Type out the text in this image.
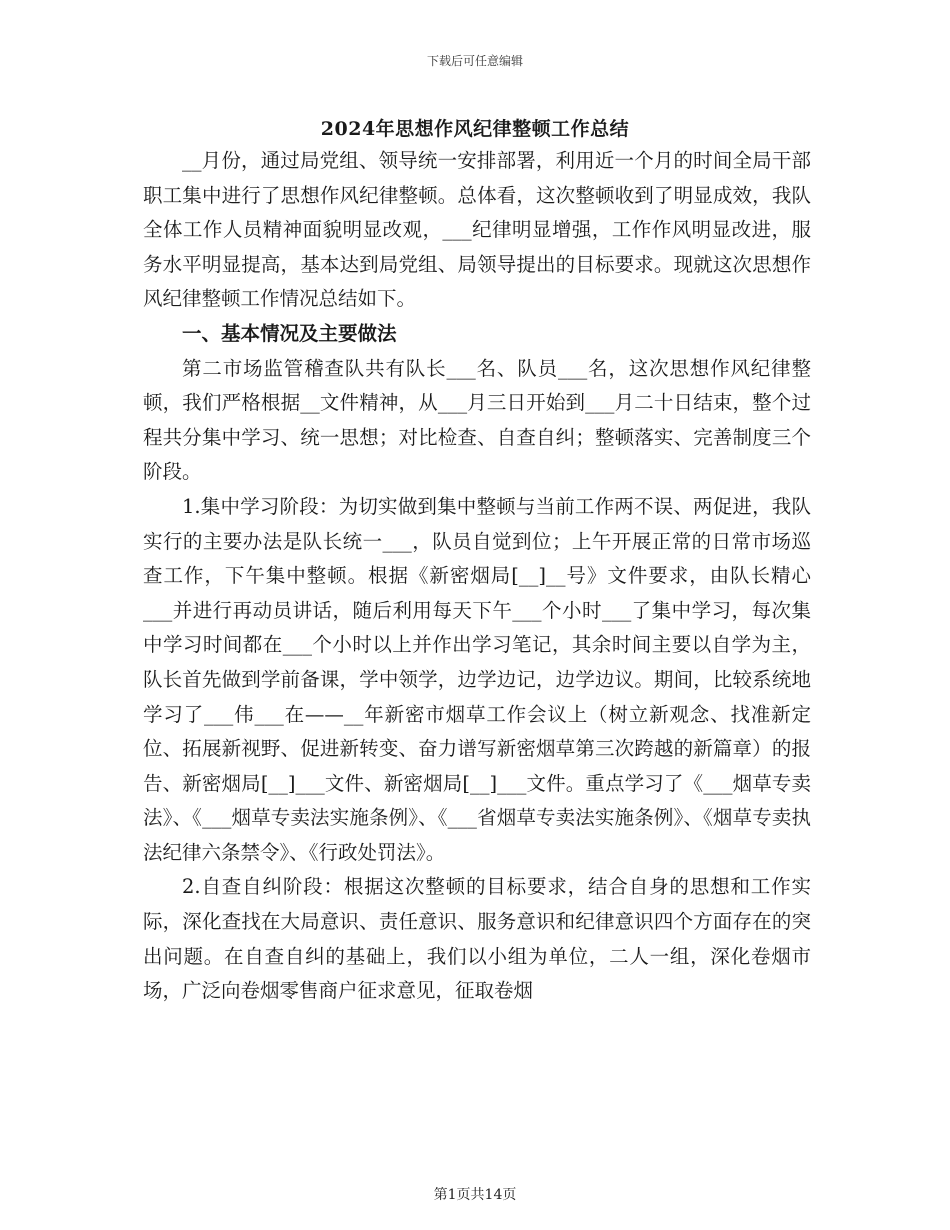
下载后可任意编辑
2024年思想作风纪律整顿工作总结

__月份，通过局党组、领导统一安排部署，利用近一个月的时间全局干部职工集中进行了思想作风纪律整顿。总体看，这次整顿收到了明显成效，我队全体工作人员精神面貌明显改观，___纪律明显增强，工作作风明显改进，服务水平明显提高，基本达到局党组、局领导提出的目标要求。现就这次思想作风纪律整顿工作情况总结如下。

一、基本情况及主要做法

第二市场监管稽查队共有队长___名、队员___名，这次思想作风纪律整顿，我们严格根据__文件精神，从___月三日开始到___月二十日结束，整个过程共分集中学习、统一思想；对比检查、自查自纠；整顿落实、完善制度三个阶段。

1.集中学习阶段：为切实做到集中整顿与当前工作两不误、两促进，我队实行的主要办法是队长统一___，队员自觉到位；上午开展正常的日常市场巡查工作，下午集中整顿。根据《新密烟局[__]__号》文件要求，由队长精心___并进行再动员讲话，随后利用每天下午___个小时___了集中学习，每次集中学习时间都在___个小时以上并作出学习笔记，其余时间主要以自学为主，队长首先做到学前备课，学中领学，边学边记，边学边议。期间，比较系统地学习了___伟___在——__年新密市烟草工作会议上（树立新观念、找准新定位、拓展新视野、促进新转变、奋力谱写新密烟草第三次跨越的新篇章）的报告、新密烟局[__]___文件、新密烟局[__]___文件。重点学习了《___烟草专卖法》、《___烟草专卖法实施条例》、《___省烟草专卖法实施条例》、《烟草专卖执法纪律六条禁令》、《行政处罚法》。

2.自查自纠阶段：根据这次整顿的目标要求，结合自身的思想和工作实际，深化查找在大局意识、责任意识、服务意识和纪律意识四个方面存在的突出问题。在自查自纠的基础上，我们以小组为单位，二人一组，深化卷烟市场，广泛向卷烟零售商户征求意见，征取卷烟

第1页共14页
